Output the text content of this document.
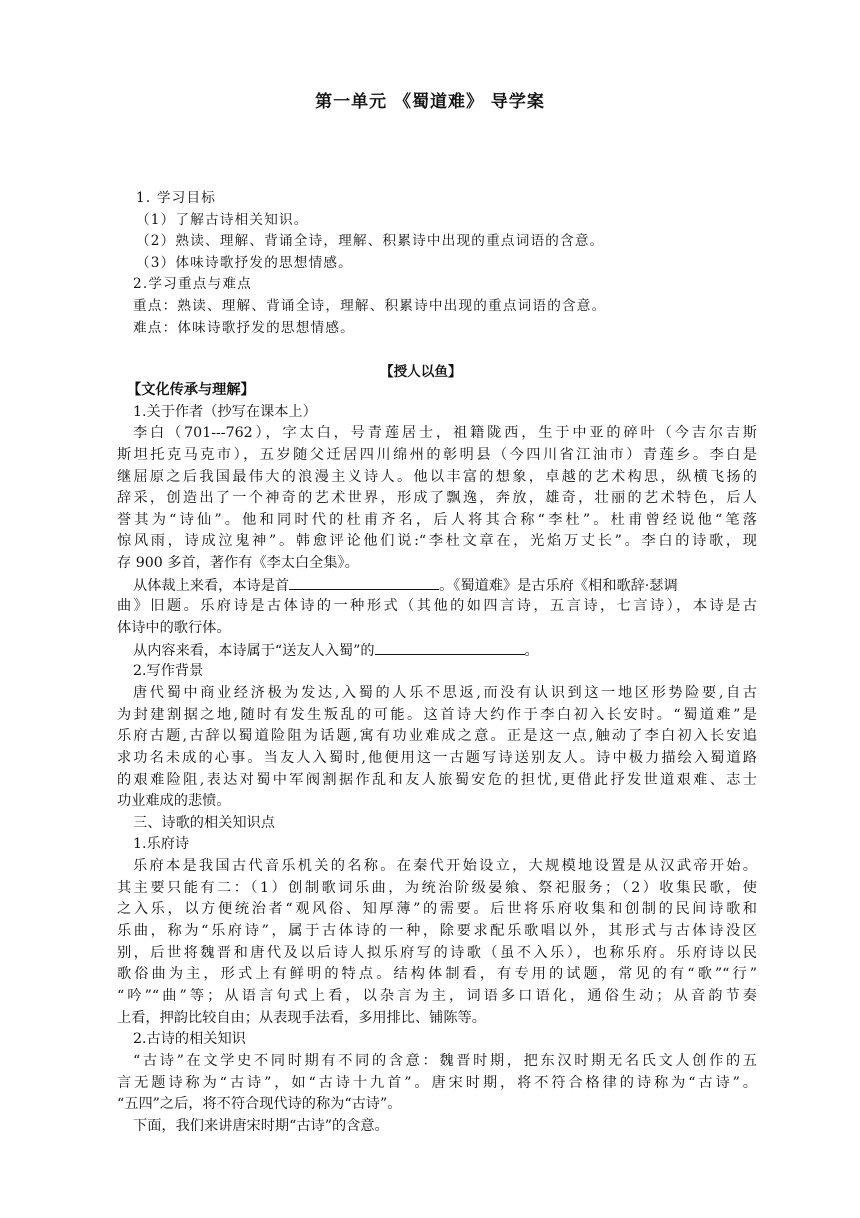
第一单元 《蜀道难》 导学案
1. 学习目标
（1）了解古诗相关知识。
（2）熟读、理解、背诵全诗，理解、积累诗中出现的重点词语的含意。
（3）体味诗歌抒发的思想情感。
2.学习重点与难点
重点：熟读、理解、背诵全诗，理解、积累诗中出现的重点词语的含意。
难点：体味诗歌抒发的思想情感。
【授人以鱼】
【文化传承与理解】
1.关于作者（抄写在课本上）
李白（701---762），字太白，号青莲居士，祖籍陇西，生于中亚的碎叶（今吉尔吉斯
斯坦托克马克市），五岁随父迁居四川绵州的彰明县（今四川省江油市）青莲乡。李白是
继屈原之后我国最伟大的浪漫主义诗人。他以丰富的想象，卓越的艺术构思，纵横飞扬的
辞采，创造出了一个神奇的艺术世界，形成了飘逸，奔放，雄奇，壮丽的艺术特色，后人
誉其为“诗仙”。他和同时代的杜甫齐名，后人将其合称“李杜”。杜甫曾经说他“笔落
惊风雨，诗成泣鬼神”。韩愈评论他们说:“李杜文章在，光焰万丈长”。李白的诗歌，现
存 900 多首，著作有《李太白全集》。
从体裁上来看，本诗是首	。《蜀道难》是古乐府《相和歌辞·瑟调
曲》旧题。乐府诗是古体诗的一种形式（其他的如四言诗，五言诗，七言诗），本诗是古
体诗中的歌行体。
从内容来看，本诗属于“送友人入蜀”的	。
2.写作背景
唐代蜀中商业经济极为发达,入蜀的人乐不思返,而没有认识到这一地区形势险要,自古
为封建割据之地,随时有发生叛乱的可能。这首诗大约作于李白初入长安时。“蜀道难”是
乐府古题,古辞以蜀道险阻为话题,寓有功业难成之意。正是这一点,触动了李白初入长安追
求功名未成的心事。当友人入蜀时,他便用这一古题写诗送别友人。诗中极力描绘入蜀道路
的艰难险阻,表达对蜀中军阀割据作乱和友人旅蜀安危的担忧,更借此抒发世道艰难、志士
功业难成的悲愤。
三、诗歌的相关知识点
1.乐府诗
乐府本是我国古代音乐机关的名称。在秦代开始设立，大规模地设置是从汉武帝开始。
其主要只能有二：（1）创制歌词乐曲，为统治阶级晏飨、祭祀服务；（2）收集民歌，使
之入乐，以方便统治者“观风俗、知厚薄”的需要。后世将乐府收集和创制的民间诗歌和
乐曲，称为“乐府诗”，属于古体诗的一种，除要求配乐歌唱以外，其形式与古体诗没区
别，后世将魏晋和唐代及以后诗人拟乐府写的诗歌（虽不入乐），也称乐府。乐府诗以民
歌俗曲为主，形式上有鲜明的特点。结构体制看，有专用的试题，常见的有“歌”“行”
“吟”“曲”等；从语言句式上看，以杂言为主，词语多口语化，通俗生动；从音韵节奏
上看，押韵比较自由；从表现手法看，多用排比、铺陈等。
2.古诗的相关知识
“古诗”在文学史不同时期有不同的含意：魏晋时期，把东汉时期无名氏文人创作的五
言无题诗称为“古诗”，如“古诗十九首”。唐宋时期，将不符合格律的诗称为“古诗”。
“五四”之后，将不符合现代诗的称为“古诗”。
下面，我们来讲唐宋时期“古诗”的含意。
